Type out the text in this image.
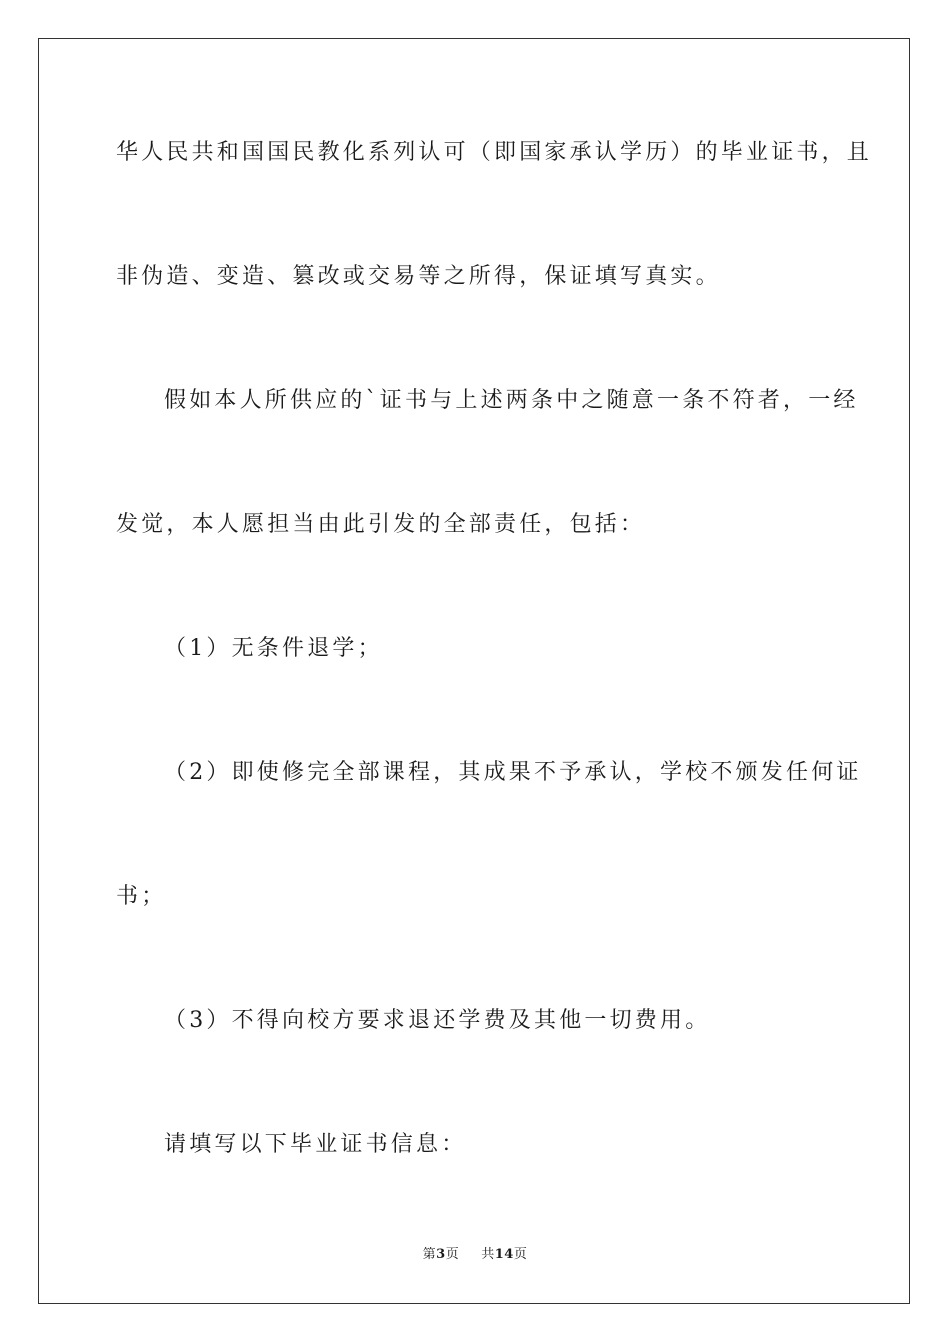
华人民共和国国民教化系列认可（即国家承认学历）的毕业证书，且
非伪造、变造、篡改或交易等之所得，保证填写真实。
假如本人所供应的`证书与上述两条中之随意一条不符者，一经
发觉，本人愿担当由此引发的全部责任，包括：
（1）无条件退学；
（2）即使修完全部课程，其成果不予承认，学校不颁发任何证
书；
（3）不得向校方要求退还学费及其他一切费用。
请填写以下毕业证书信息：
第3页 共14页
